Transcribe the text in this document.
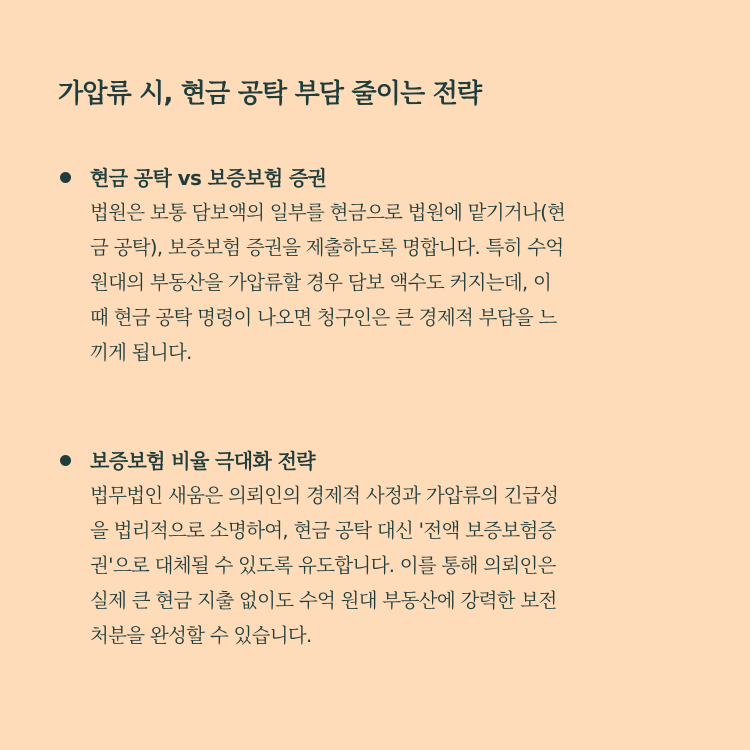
가압류 시, 현금 공탁 부담 줄이는 전략
현금 공탁 vs 보증보험 증권
법원은 보통 담보액의 일부를 현금으로 법원에 맡기거나(현
금 공탁), 보증보험 증권을 제출하도록 명합니다. 특히 수억
원대의 부동산을 가압류할 경우 담보 액수도 커지는데, 이
때 현금 공탁 명령이 나오면 청구인은 큰 경제적 부담을 느
끼게 됩니다.
보증보험 비율 극대화 전략
법무법인 새움은 의뢰인의 경제적 사정과 가압류의 긴급성
을 법리적으로 소명하여, 현금 공탁 대신 '전액 보증보험증
권'으로 대체될 수 있도록 유도합니다. 이를 통해 의뢰인은
실제 큰 현금 지출 없이도 수억 원대 부동산에 강력한 보전
처분을 완성할 수 있습니다.
